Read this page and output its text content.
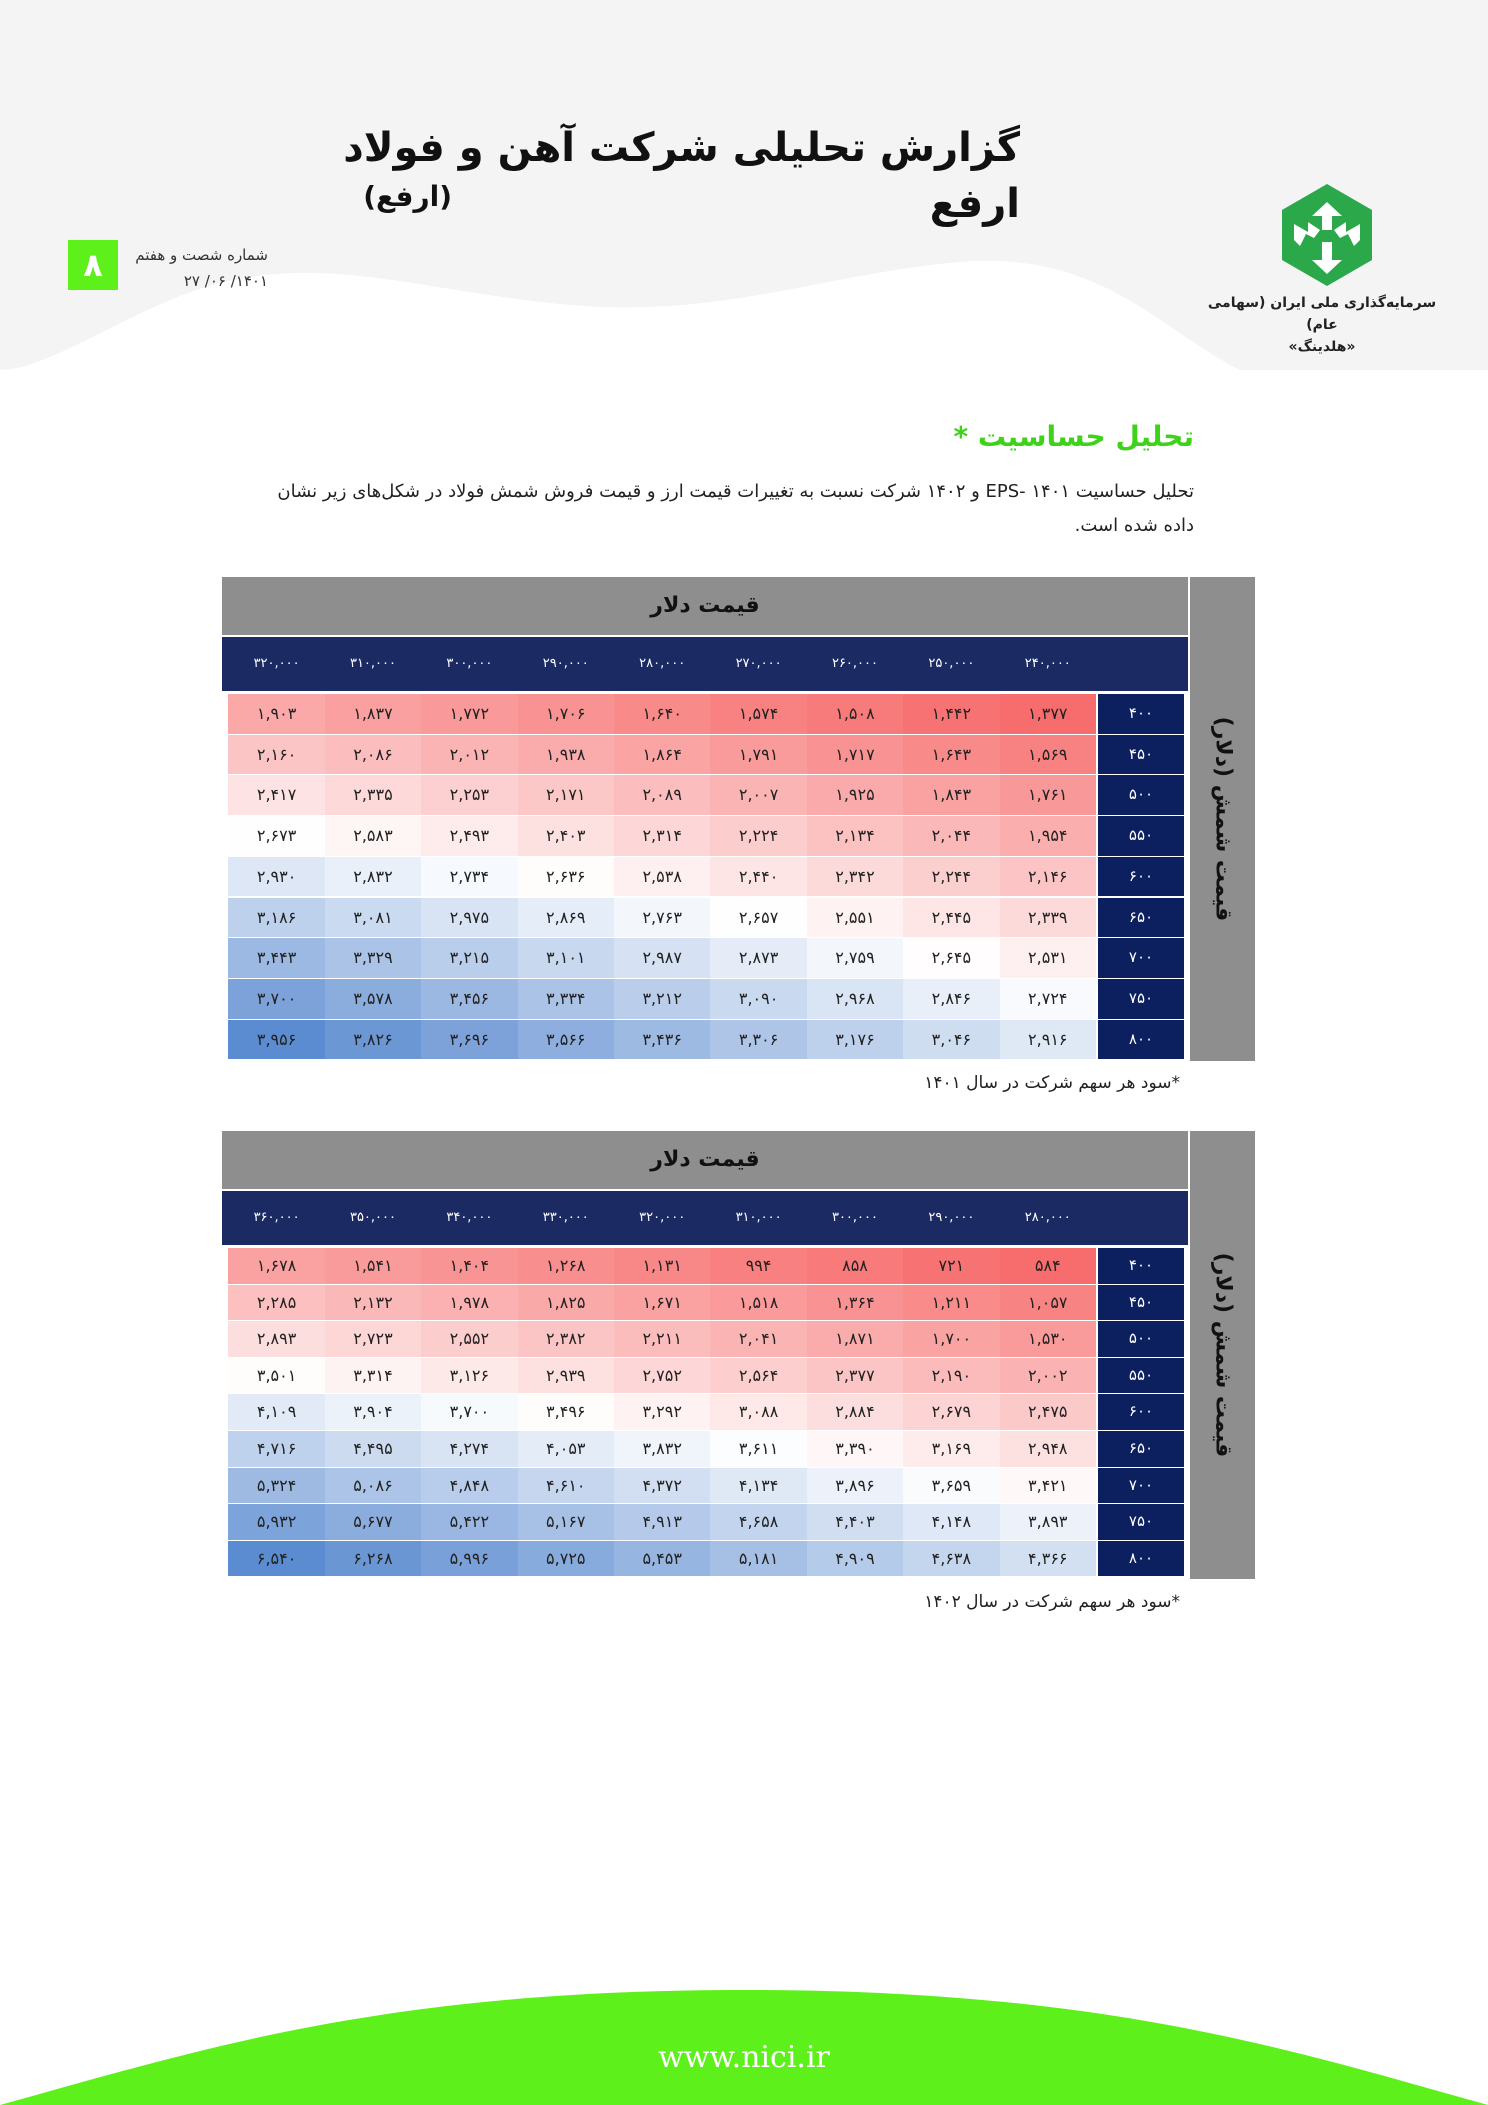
سرمایه‌گذاری ملی ایران (سهامی عام)
«هلدینگ»
گزارش تحلیلی شرکت آهن و فولاد ارفع
(ارفع)
۸	شماره شصت و هفتم
۱۴۰۱/ ۰۶/ ۲۷
تحلیل حساسیت *
تحلیل حساسیت EPS- ۱۴۰۱ و ۱۴۰۲ شرکت نسبت به تغییرات قیمت ارز و قیمت فروش شمش فولاد در شکل‌های زیر نشان داده شده است.
قیمت دلار
قیمت شمش (دلار)
۲۴۰,۰۰۰
۲۵۰,۰۰۰
۲۶۰,۰۰۰
۲۷۰,۰۰۰
۲۸۰,۰۰۰
۲۹۰,۰۰۰
۳۰۰,۰۰۰
۳۱۰,۰۰۰
۳۲۰,۰۰۰
۴۰۰
۱,۳۷۷
۱,۴۴۲
۱,۵۰۸
۱,۵۷۴
۱,۶۴۰
۱,۷۰۶
۱,۷۷۲
۱,۸۳۷
۱,۹۰۳
۴۵۰
۱,۵۶۹
۱,۶۴۳
۱,۷۱۷
۱,۷۹۱
۱,۸۶۴
۱,۹۳۸
۲,۰۱۲
۲,۰۸۶
۲,۱۶۰
۵۰۰
۱,۷۶۱
۱,۸۴۳
۱,۹۲۵
۲,۰۰۷
۲,۰۸۹
۲,۱۷۱
۲,۲۵۳
۲,۳۳۵
۲,۴۱۷
۵۵۰
۱,۹۵۴
۲,۰۴۴
۲,۱۳۴
۲,۲۲۴
۲,۳۱۴
۲,۴۰۳
۲,۴۹۳
۲,۵۸۳
۲,۶۷۳
۶۰۰
۲,۱۴۶
۲,۲۴۴
۲,۳۴۲
۲,۴۴۰
۲,۵۳۸
۲,۶۳۶
۲,۷۳۴
۲,۸۳۲
۲,۹۳۰
۶۵۰
۲,۳۳۹
۲,۴۴۵
۲,۵۵۱
۲,۶۵۷
۲,۷۶۳
۲,۸۶۹
۲,۹۷۵
۳,۰۸۱
۳,۱۸۶
۷۰۰
۲,۵۳۱
۲,۶۴۵
۲,۷۵۹
۲,۸۷۳
۲,۹۸۷
۳,۱۰۱
۳,۲۱۵
۳,۳۲۹
۳,۴۴۳
۷۵۰
۲,۷۲۴
۲,۸۴۶
۲,۹۶۸
۳,۰۹۰
۳,۲۱۲
۳,۳۳۴
۳,۴۵۶
۳,۵۷۸
۳,۷۰۰
۸۰۰
۲,۹۱۶
۳,۰۴۶
۳,۱۷۶
۳,۳۰۶
۳,۴۳۶
۳,۵۶۶
۳,۶۹۶
۳,۸۲۶
۳,۹۵۶
*سود هر سهم شرکت در سال ۱۴۰۱
قیمت دلار
قیمت شمش (دلار)
۲۸۰,۰۰۰
۲۹۰,۰۰۰
۳۰۰,۰۰۰
۳۱۰,۰۰۰
۳۲۰,۰۰۰
۳۳۰,۰۰۰
۳۴۰,۰۰۰
۳۵۰,۰۰۰
۳۶۰,۰۰۰
۴۰۰
۵۸۴
۷۲۱
۸۵۸
۹۹۴
۱,۱۳۱
۱,۲۶۸
۱,۴۰۴
۱,۵۴۱
۱,۶۷۸
۴۵۰
۱,۰۵۷
۱,۲۱۱
۱,۳۶۴
۱,۵۱۸
۱,۶۷۱
۱,۸۲۵
۱,۹۷۸
۲,۱۳۲
۲,۲۸۵
۵۰۰
۱,۵۳۰
۱,۷۰۰
۱,۸۷۱
۲,۰۴۱
۲,۲۱۱
۲,۳۸۲
۲,۵۵۲
۲,۷۲۳
۲,۸۹۳
۵۵۰
۲,۰۰۲
۲,۱۹۰
۲,۳۷۷
۲,۵۶۴
۲,۷۵۲
۲,۹۳۹
۳,۱۲۶
۳,۳۱۴
۳,۵۰۱
۶۰۰
۲,۴۷۵
۲,۶۷۹
۲,۸۸۴
۳,۰۸۸
۳,۲۹۲
۳,۴۹۶
۳,۷۰۰
۳,۹۰۴
۴,۱۰۹
۶۵۰
۲,۹۴۸
۳,۱۶۹
۳,۳۹۰
۳,۶۱۱
۳,۸۳۲
۴,۰۵۳
۴,۲۷۴
۴,۴۹۵
۴,۷۱۶
۷۰۰
۳,۴۲۱
۳,۶۵۹
۳,۸۹۶
۴,۱۳۴
۴,۳۷۲
۴,۶۱۰
۴,۸۴۸
۵,۰۸۶
۵,۳۲۴
۷۵۰
۳,۸۹۳
۴,۱۴۸
۴,۴۰۳
۴,۶۵۸
۴,۹۱۳
۵,۱۶۷
۵,۴۲۲
۵,۶۷۷
۵,۹۳۲
۸۰۰
۴,۳۶۶
۴,۶۳۸
۴,۹۰۹
۵,۱۸۱
۵,۴۵۳
۵,۷۲۵
۵,۹۹۶
۶,۲۶۸
۶,۵۴۰
*سود هر سهم شرکت در سال ۱۴۰۲
www.nici.ir
